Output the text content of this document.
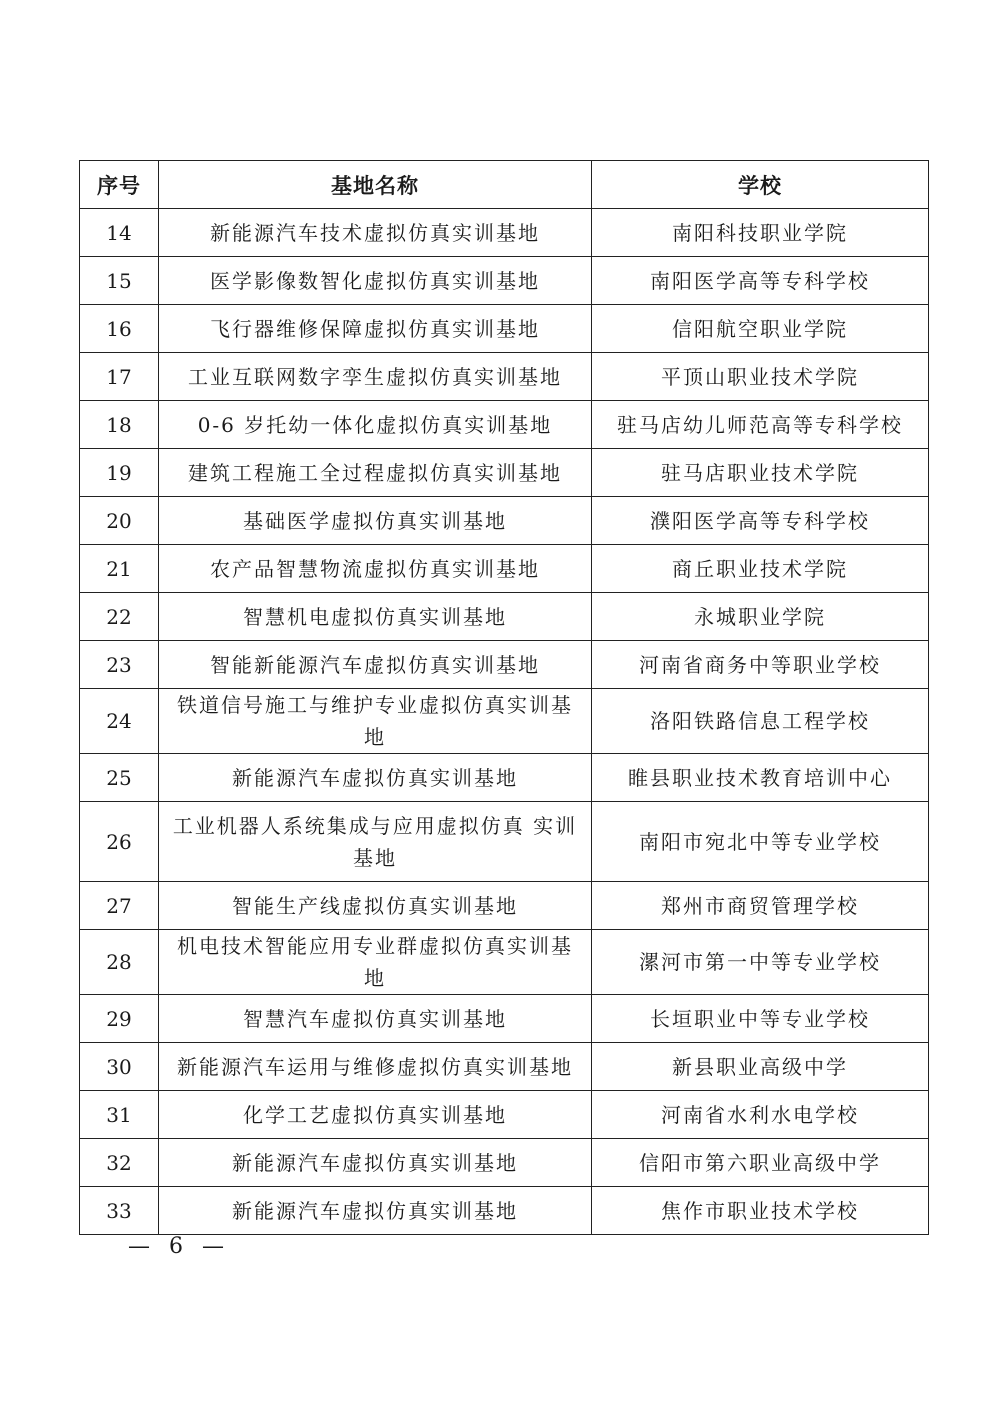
序号	基地名称	学校
14	新能源汽车技术虚拟仿真实训基地	南阳科技职业学院
15	医学影像数智化虚拟仿真实训基地	南阳医学高等专科学校
16	飞行器维修保障虚拟仿真实训基地	信阳航空职业学院
17	工业互联网数字孪生虚拟仿真实训基地	平顶山职业技术学院
18	0-6 岁托幼一体化虚拟仿真实训基地	驻马店幼儿师范高等专科学校
19	建筑工程施工全过程虚拟仿真实训基地	驻马店职业技术学院
20	基础医学虚拟仿真实训基地	濮阳医学高等专科学校
21	农产品智慧物流虚拟仿真实训基地	商丘职业技术学院
22	智慧机电虚拟仿真实训基地	永城职业学院
23	智能新能源汽车虚拟仿真实训基地	河南省商务中等职业学校
24	铁道信号施工与维护专业虚拟仿真实训基地	洛阳铁路信息工程学校
25	新能源汽车虚拟仿真实训基地	睢县职业技术教育培训中心
26	工业机器人系统集成与应用虚拟仿真 实训基地	南阳市宛北中等专业学校
27	智能生产线虚拟仿真实训基地	郑州市商贸管理学校
28	机电技术智能应用专业群虚拟仿真实训基地	漯河市第一中等专业学校
29	智慧汽车虚拟仿真实训基地	长垣职业中等专业学校
30	新能源汽车运用与维修虚拟仿真实训基地	新县职业高级中学
31	化学工艺虚拟仿真实训基地	河南省水利水电学校
32	新能源汽车虚拟仿真实训基地	信阳市第六职业高级中学
33	新能源汽车虚拟仿真实训基地	焦作市职业技术学校
— 6 —
